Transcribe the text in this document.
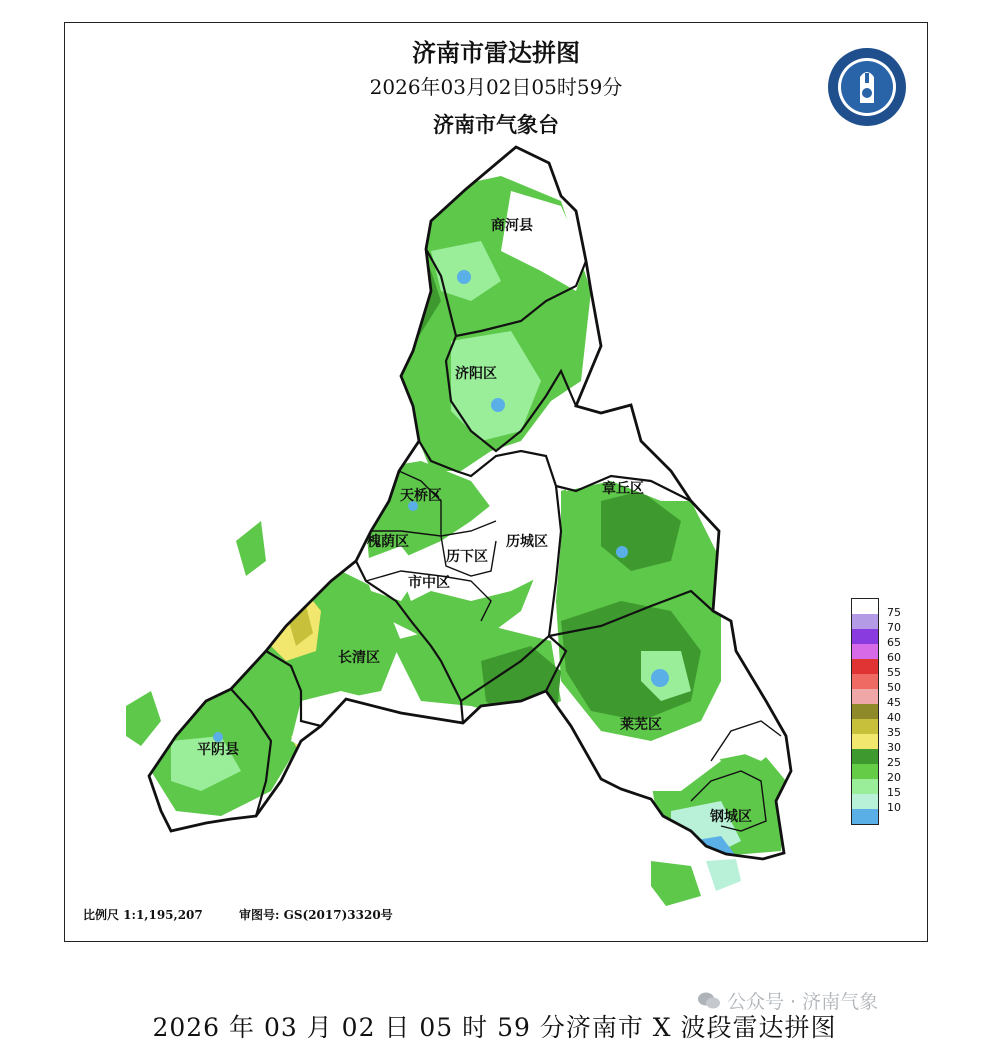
济南市雷达拼图
2026年03月02日05时59分
济南市气象台
商河县
济阳区
天桥区
槐荫区
历下区
历城区
市中区
章丘区
长清区
平阴县
莱芜区
钢城区
比例尺 1:1,195,207	审图号: GS(2017)3320号
75
70
65
60
55
50
45
40
35
30
25
20
15
10
公众号 · 济南气象
2026 年 03 月 02 日 05 时 59 分济南市 X 波段雷达拼图
